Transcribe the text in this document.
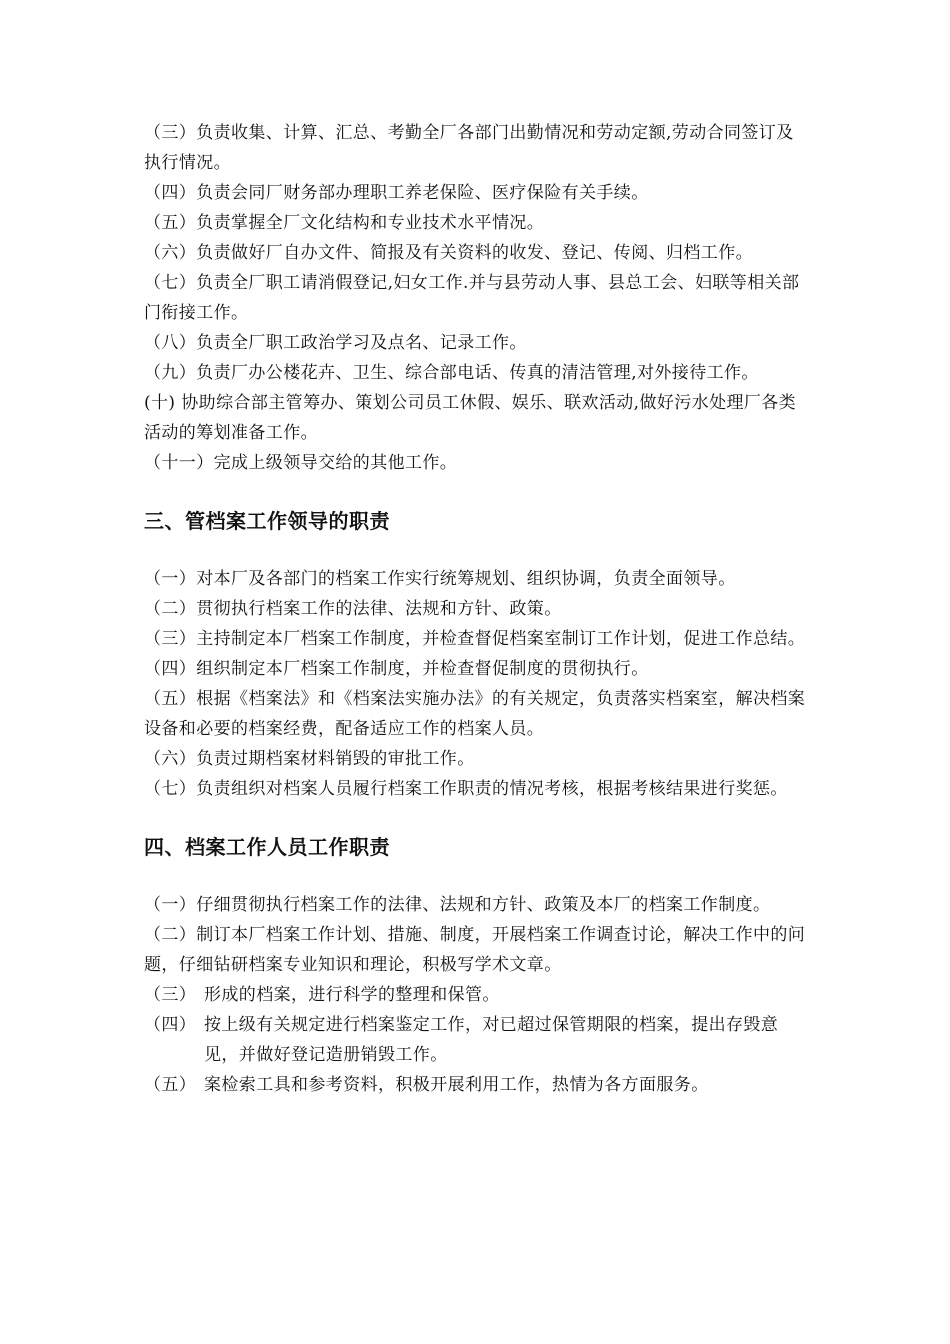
（三）负责收集、计算、汇总、考勤全厂各部门出勤情况和劳动定额,劳动合同签订及执行情况。

（四）负责会同厂财务部办理职工养老保险、医疗保险有关手续。

（五）负责掌握全厂文化结构和专业技术水平情况。

（六）负责做好厂自办文件、简报及有关资料的收发、登记、传阅、归档工作。

（七）负责全厂职工请消假登记,妇女工作.并与县劳动人事、县总工会、妇联等相关部门衔接工作。

（八）负责全厂职工政治学习及点名、记录工作。

（九）负责厂办公楼花卉、卫生、综合部电话、传真的清洁管理,对外接待工作。

(十) 协助综合部主管筹办、策划公司员工休假、娱乐、联欢活动,做好污水处理厂各类活动的筹划准备工作。

（十一）完成上级领导交给的其他工作。

三、管档案工作领导的职责

（一）对本厂及各部门的档案工作实行统筹规划、组织协调，负责全面领导。

（二）贯彻执行档案工作的法律、法规和方针、政策。

（三）主持制定本厂档案工作制度，并检查督促档案室制订工作计划，促进工作总结。

（四）组织制定本厂档案工作制度，并检查督促制度的贯彻执行。

（五）根据《档案法》和《档案法实施办法》的有关规定，负责落实档案室，解决档案设备和必要的档案经费，配备适应工作的档案人员。

（六）负责过期档案材料销毁的审批工作。

（七）负责组织对档案人员履行档案工作职责的情况考核，根据考核结果进行奖惩。

四、档案工作人员工作职责

（一）仔细贯彻执行档案工作的法律、法规和方针、政策及本厂的档案工作制度。

（二）制订本厂档案工作计划、措施、制度，开展档案工作调查讨论，解决工作中的问题，仔细钻研档案专业知识和理论，积极写学术文章。

（三） 形成的档案，进行科学的整理和保管。
（四） 按上级有关规定进行档案鉴定工作，对已超过保管期限的档案，提出存毁意见，并做好登记造册销毁工作。
（五） 案检索工具和参考资料，积极开展利用工作，热情为各方面服务。
